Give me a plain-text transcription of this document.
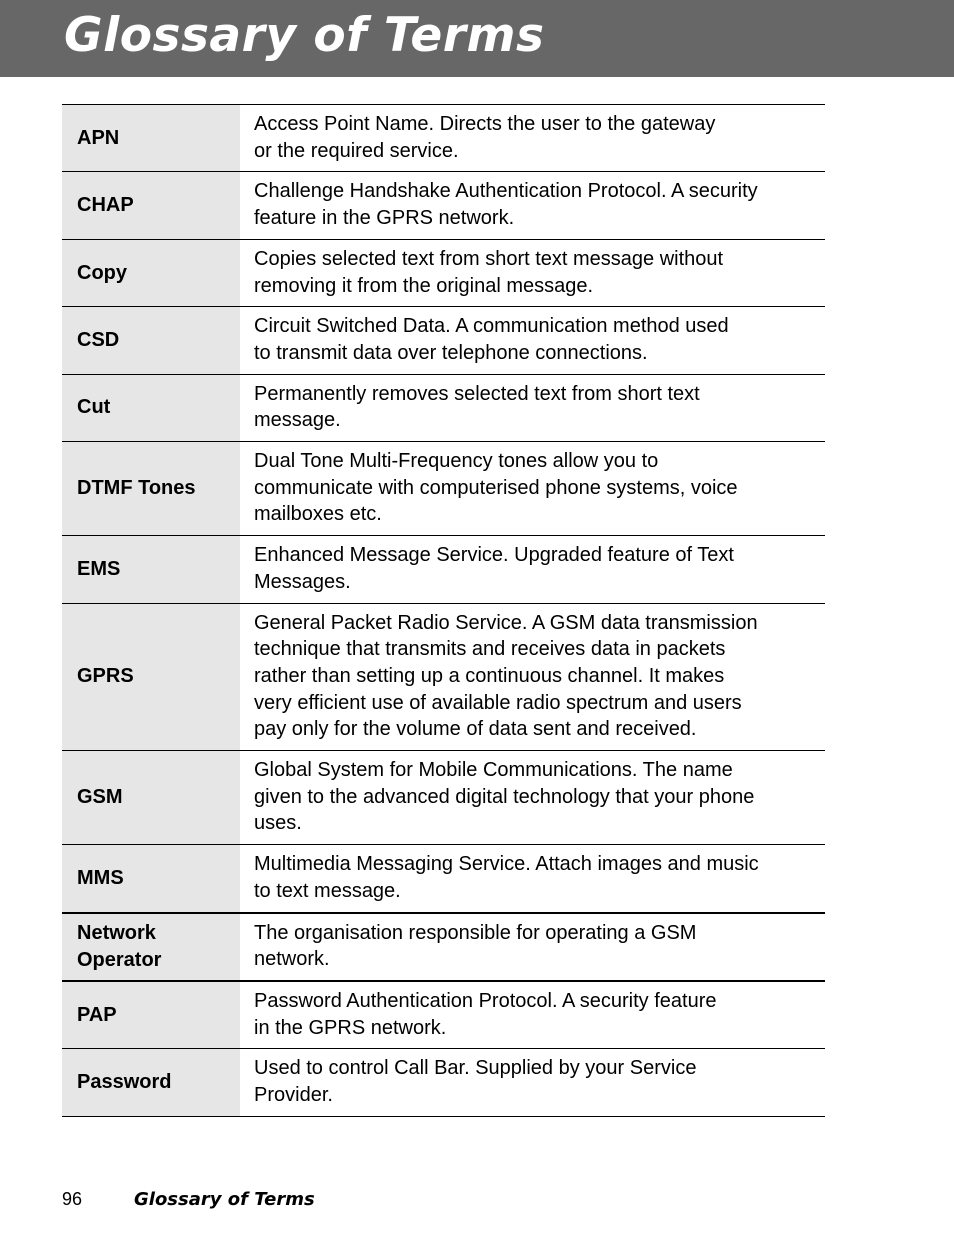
Glossary of Terms
APN	Access Point Name. Directs the user to the gateway
or the required service.
CHAP	Challenge Handshake Authentication Protocol. A security
feature in the GPRS network.
Copy	Copies selected text from short text message without
removing it from the original message.
CSD	Circuit Switched Data. A communication method used
to transmit data over telephone connections.
Cut	Permanently removes selected text from short text
message.
DTMF Tones	Dual Tone Multi-Frequency tones allow you to
communicate with computerised phone systems, voice
mailboxes etc.
EMS	Enhanced Message Service. Upgraded feature of Text
Messages.
GPRS	General Packet Radio Service. A GSM data transmission
technique that transmits and receives data in packets
rather than setting up a continuous channel. It makes
very efficient use of available radio spectrum and users
pay only for the volume of data sent and received.
GSM	Global System for Mobile Communications. The name
given to the advanced digital technology that your phone
uses.
MMS	Multimedia Messaging Service. Attach images and music
to text message.
Network
Operator	The organisation responsible for operating a GSM
network.
PAP	Password Authentication Protocol. A security feature
in the GPRS network.
Password	Used to control Call Bar. Supplied by your Service
Provider.
96	Glossary of Terms
